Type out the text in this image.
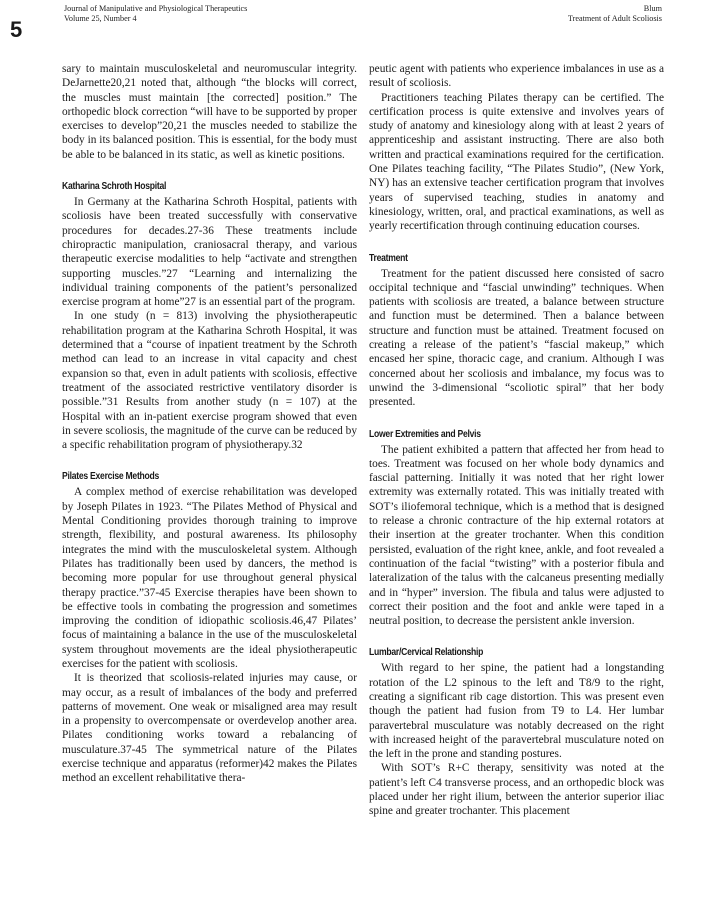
5
Journal of Manipulative and Physiological Therapeutics
Volume 25, Number 4
Blum
Treatment of Adult Scoliosis

sary to maintain musculoskeletal and neuromuscular integrity. DeJarnette20,21 noted that, although “the blocks will correct, the muscles must maintain [the corrected] position.” The orthopedic block correction “will have to be supported by proper exercises to develop”20,21 the muscles needed to stabilize the body in its balanced position. This is essential, for the body must be able to be balanced in its static, as well as kinetic positions.

Katharina Schroth Hospital

In Germany at the Katharina Schroth Hospital, patients with scoliosis have been treated successfully with conservative procedures for decades.27-36 These treatments include chiropractic manipulation, craniosacral therapy, and various therapeutic exercise modalities to help “activate and strengthen supporting muscles.”27 “Learning and internalizing the individual training components of the patient’s personalized exercise program at home”27 is an essential part of the program.

In one study (n = 813) involving the physiotherapeutic rehabilitation program at the Katharina Schroth Hospital, it was determined that a “course of inpatient treatment by the Schroth method can lead to an increase in vital capacity and chest expansion so that, even in adult patients with scoliosis, effective treatment of the associated restrictive ventilatory disorder is possible.”31 Results from another study (n = 107) at the Hospital with an in-patient exercise program showed that even in severe scoliosis, the magnitude of the curve can be reduced by a specific rehabilitation program of physiotherapy.32

Pilates Exercise Methods

A complex method of exercise rehabilitation was developed by Joseph Pilates in 1923. “The Pilates Method of Physical and Mental Conditioning provides thorough training to improve strength, flexibility, and postural awareness. Its philosophy integrates the mind with the musculoskeletal system. Although Pilates has traditionally been used by dancers, the method is becoming more popular for use throughout general physical therapy practice.”37-45 Exercise therapies have been shown to be effective tools in combating the progression and sometimes improving the condition of idiopathic scoliosis.46,47 Pilates’ focus of maintaining a balance in the use of the musculoskeletal system throughout movements are the ideal physiotherapeutic exercises for the patient with scoliosis.

It is theorized that scoliosis-related injuries may cause, or may occur, as a result of imbalances of the body and preferred patterns of movement. One weak or misaligned area may result in a propensity to overcompensate or overdevelop another area. Pilates conditioning works toward a rebalancing of musculature.37-45 The symmetrical nature of the Pilates exercise technique and apparatus (reformer)42 makes the Pilates method an excellent rehabilitative thera-

peutic agent with patients who experience imbalances in use as a result of scoliosis.

Practitioners teaching Pilates therapy can be certified. The certification process is quite extensive and involves years of study of anatomy and kinesiology along with at least 2 years of apprenticeship and assistant instructing. There are also both written and practical examinations required for the certification. One Pilates teaching facility, “The Pilates Studio”, (New York, NY) has an extensive teacher certification program that involves years of supervised teaching, studies in anatomy and kinesiology, written, oral, and practical examinations, as well as yearly recertification through continuing education courses.

Treatment

Treatment for the patient discussed here consisted of sacro occipital technique and “fascial unwinding” techniques. When patients with scoliosis are treated, a balance between structure and function must be determined. Then a balance between structure and function must be attained. Treatment focused on creating a release of the patient’s “fascial makeup,” which encased her spine, thoracic cage, and cranium. Although I was concerned about her scoliosis and imbalance, my focus was to unwind the 3-dimensional “scoliotic spiral” that her body presented.

Lower Extremities and Pelvis

The patient exhibited a pattern that affected her from head to toes. Treatment was focused on her whole body dynamics and fascial patterning. Initially it was noted that her right lower extremity was externally rotated. This was initially treated with SOT’s iliofemoral technique, which is a method that is designed to release a chronic contracture of the hip external rotators at their insertion at the greater trochanter. When this condition persisted, evaluation of the right knee, ankle, and foot revealed a continuation of the facial “twisting” with a posterior fibula and lateralization of the talus with the calcaneus presenting medially and in “hyper” inversion. The fibula and talus were adjusted to correct their position and the foot and ankle were taped in a neutral position, to decrease the persistent ankle inversion.

Lumbar/Cervical Relationship

With regard to her spine, the patient had a longstanding rotation of the L2 spinous to the left and T8/9 to the right, creating a significant rib cage distortion. This was present even though the patient had fusion from T9 to L4. Her lumbar paravertebral musculature was notably decreased on the right with increased height of the paravertebral musculature noted on the left in the prone and standing postures.

With SOT’s R+C therapy, sensitivity was noted at the patient’s left C4 transverse process, and an orthopedic block was placed under her right ilium, between the anterior superior iliac spine and greater trochanter. This placement
